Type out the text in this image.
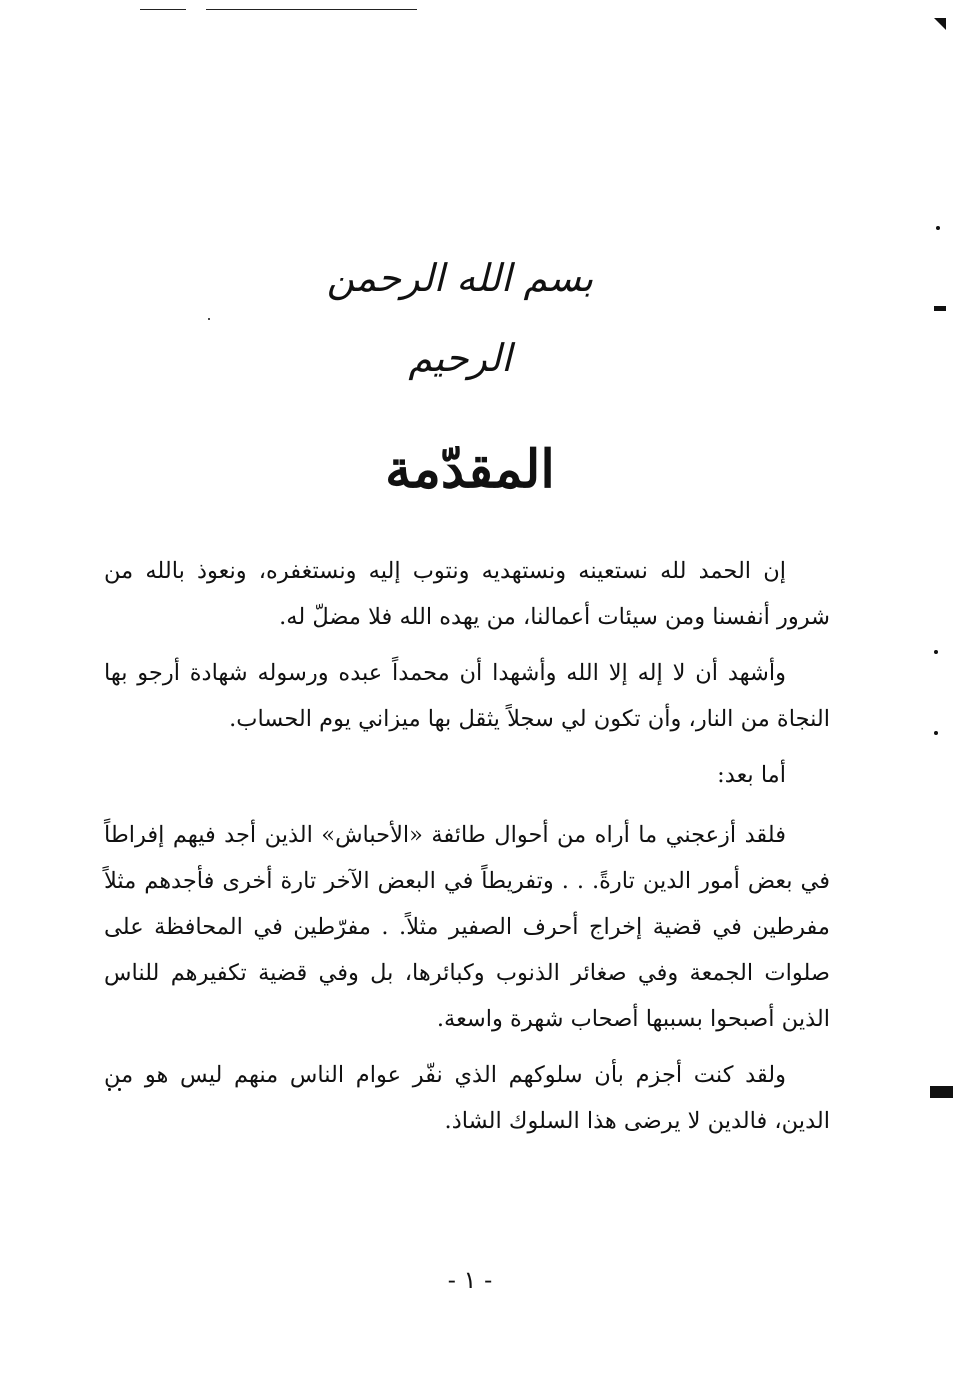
بسم الله الرحمن الرحيم
المقدّمة

إن الحمد لله نستعينه ونستهديه ونتوب إليه ونستغفره، ونعوذ بالله من شرور أنفسنا ومن سيئات أعمالنا، من يهده الله فلا مضلّ له.

وأشهد أن لا إله إلا الله وأشهدا أن محمداً عبده ورسوله شهادة أرجو بها النجاة من النار، وأن تكون لي سجلاً يثقل بها ميزاني يوم الحساب.

أما بعد:

فلقد أزعجني ما أراه من أحوال طائفة «الأحباش» الذين أجد فيهم إفراطاً في بعض أمور الدين تارةً. . . وتفريطاً في البعض الآخر تارة أخرى فأجدهم مثلاً مفرطين في قضية إخراج أحرف الصفير مثلاً. . مفرّطين في المحافظة على صلوات الجمعة وفي صغائر الذنوب وكبائرها، بل وفي قضية تكفيرهم للناس الذين أصبحوا بسببها أصحاب شهرة واسعة.

ولقد كنت أجزم بأن سلوكهم الذي نفّر عوام الناس منهم ليس هو من الدين، فالدين لا يرضى هذا السلوك الشاذ.

- ١ -
